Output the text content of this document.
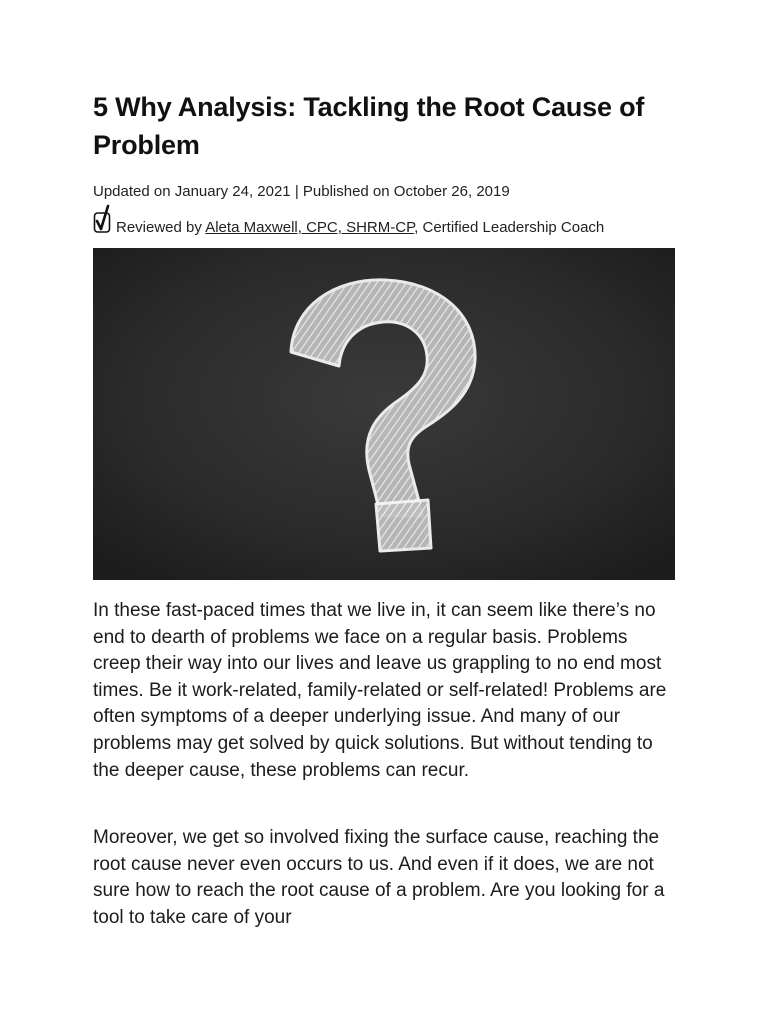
5 Why Analysis: Tackling the Root Cause of Problem
Updated on January 24, 2021 | Published on October 26, 2019
Reviewed by Aleta Maxwell, CPC, SHRM-CP, Certified Leadership Coach

In these fast-paced times that we live in, it can seem like there’s no end to dearth of problems we face on a regular basis. Problems creep their way into our lives and leave us grappling to no end most times. Be it work-related, family-related or self-related! Problems are often symptoms of a deeper underlying issue. And many of our problems may get solved by quick solutions. But without tending to the deeper cause, these problems can recur.

Moreover, we get so involved fixing the surface cause, reaching the root cause never even occurs to us. And even if it does, we are not sure how to reach the root cause of a problem. Are you looking for a tool to take care of your
